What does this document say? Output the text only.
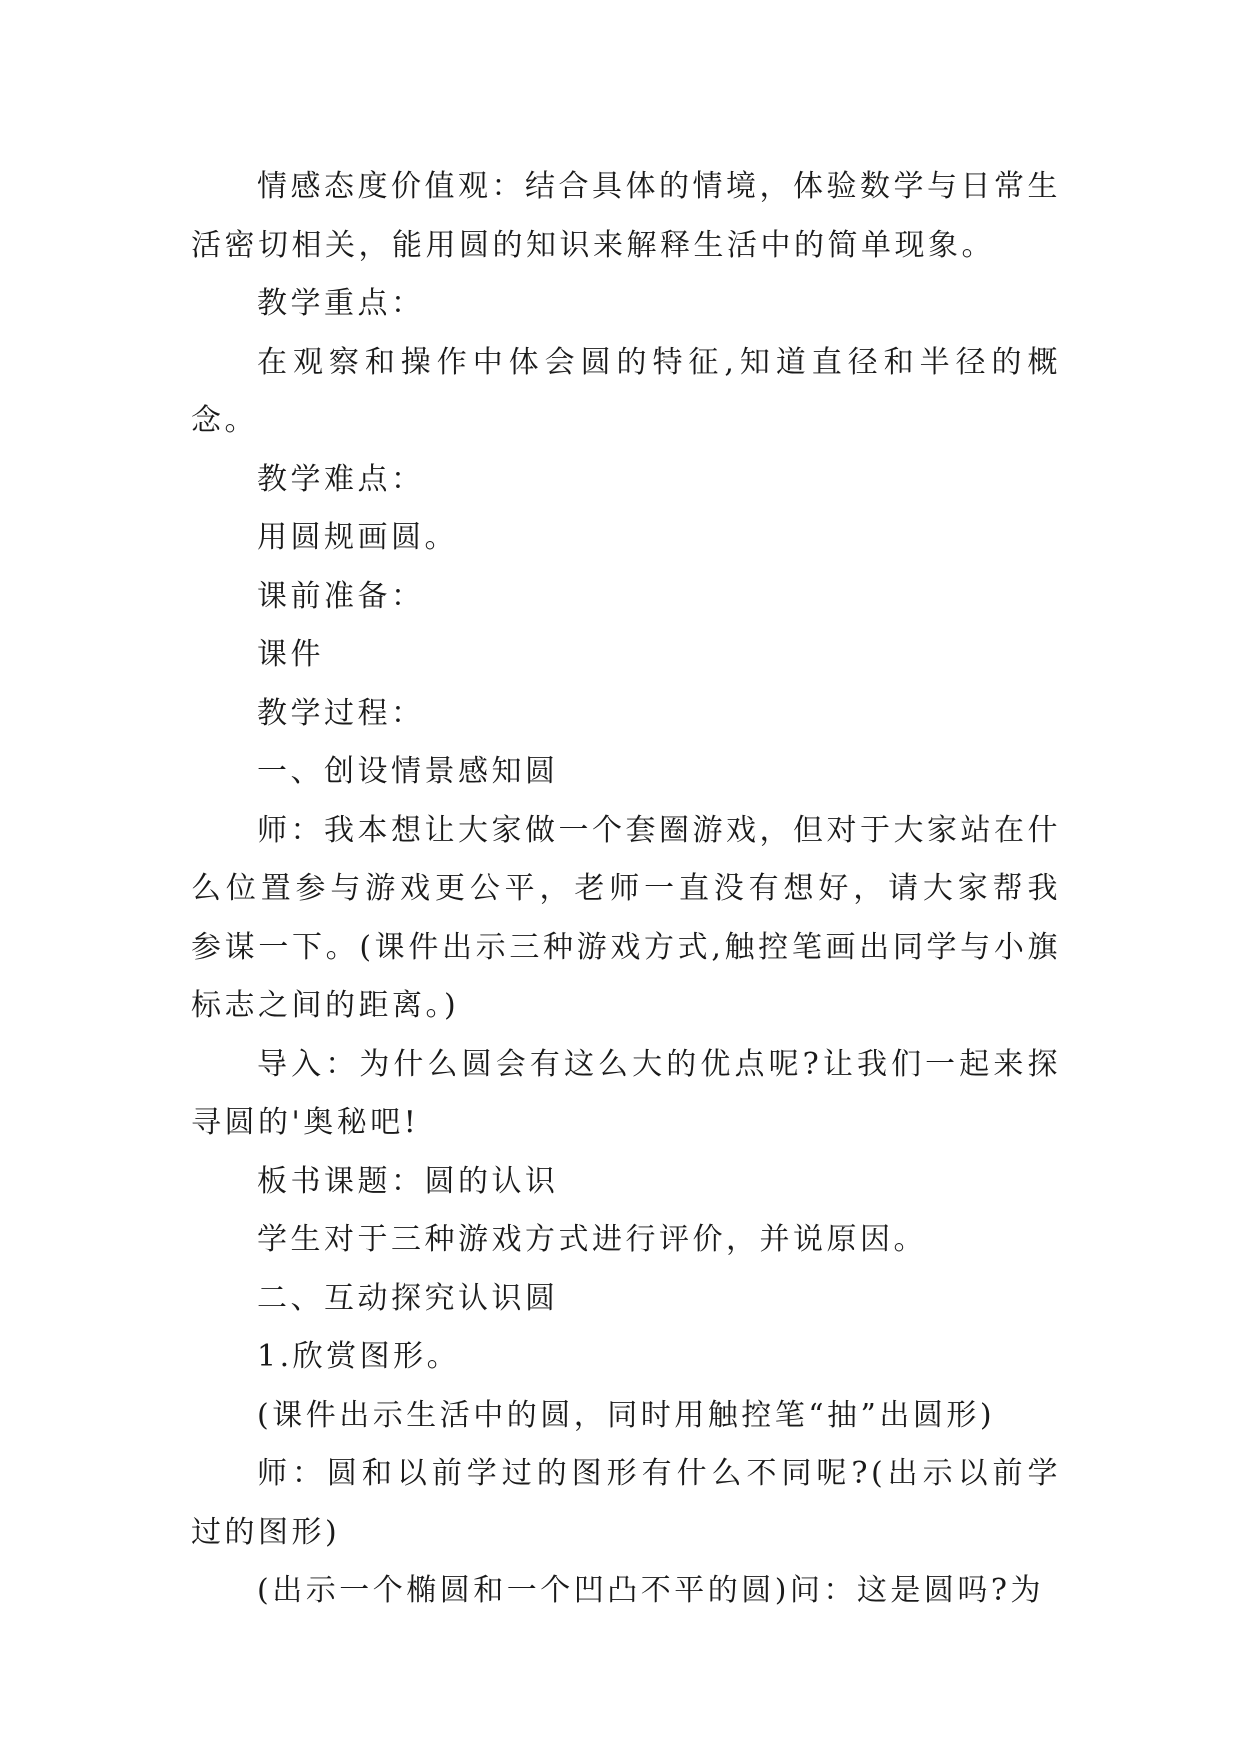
情感态度价值观：结合具体的情境，体验数学与日常生活密切相关，能用圆的知识来解释生活中的简单现象。

教学重点：

在观察和操作中体会圆的特征,知道直径和半径的概念。

教学难点：

用圆规画圆。

课前准备：

课件

教学过程：

一、创设情景感知圆

师：我本想让大家做一个套圈游戏，但对于大家站在什么位置参与游戏更公平，老师一直没有想好，请大家帮我参谋一下。(课件出示三种游戏方式,触控笔画出同学与小旗标志之间的距离。)

导入：为什么圆会有这么大的优点呢?让我们一起来探寻圆的'奥秘吧!

板书课题：圆的认识

学生对于三种游戏方式进行评价，并说原因。

二、互动探究认识圆

1.欣赏图形。

(课件出示生活中的圆，同时用触控笔“抽”出圆形)

师：圆和以前学过的图形有什么不同呢?(出示以前学过的图形)

(出示一个椭圆和一个凹凸不平的圆)问：这是圆吗?为
